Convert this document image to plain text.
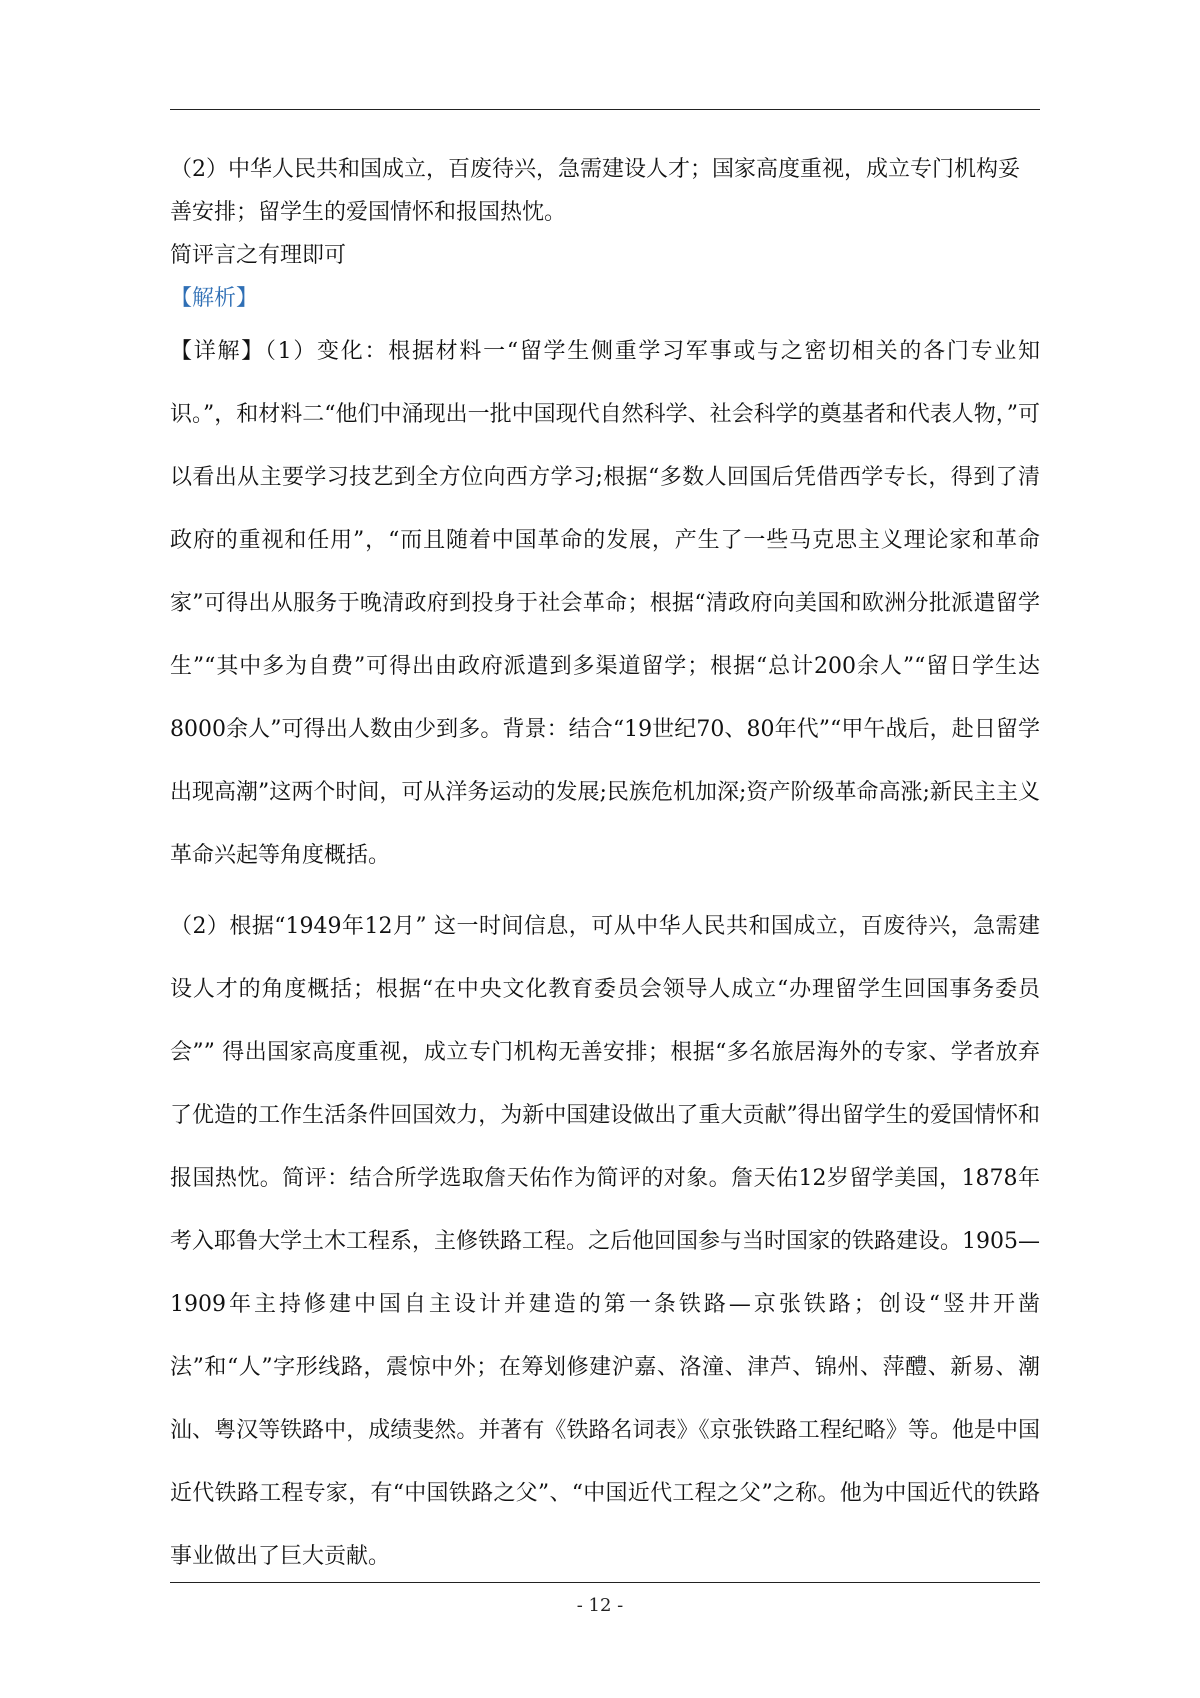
（2）中华人民共和国成立，百废待兴，急需建设人才；国家高度重视，成立专门机构妥善安排；留学生的爱国情怀和报国热忱。

简评言之有理即可

【解析】

【详解】（1）变化：根据材料一“留学生侧重学习军事或与之密切相关的各门专业知识。”，和材料二“他们中涌现出一批中国现代自然科学、社会科学的奠基者和代表人物，”可以看出从主要学习技艺到全方位向西方学习;根据“多数人回国后凭借西学专长，得到了清政府的重视和任用”，“而且随着中国革命的发展，产生了一些马克思主义理论家和革命家”可得出从服务于晚清政府到投身于社会革命；根据“清政府向美国和欧洲分批派遣留学生”“其中多为自费”可得出由政府派遣到多渠道留学；根据“总计200余人”“留日学生达8000余人”可得出人数由少到多。背景：结合“19世纪70、80年代”“甲午战后，赴日留学出现高潮”这两个时间，可从洋务运动的发展;民族危机加深;资产阶级革命高涨;新民主主义革命兴起等角度概括。

（2）根据“1949年12月” 这一时间信息，可从中华人民共和国成立，百废待兴，急需建设人才的角度概括；根据“在中央文化教育委员会领导人成立“办理留学生回国事务委员会”” 得出国家高度重视，成立专门机构无善安排；根据“多名旅居海外的专家、学者放弃了优造的工作生活条件回国效力，为新中国建设做出了重大贡献”得出留学生的爱国情怀和报国热忱。简评：结合所学选取詹天佑作为简评的对象。詹天佑12岁留学美国，1878年考入耶鲁大学土木工程系，主修铁路工程。之后他回国参与当时国家的铁路建设。1905—1909年主持修建中国自主设计并建造的第一条铁路—京张铁路；创设“竖井开凿法”和“人”字形线路，震惊中外；在筹划修建沪嘉、洛潼、津芦、锦州、萍醴、新易、潮汕、粤汉等铁路中，成绩斐然。并著有《铁路名词表》《京张铁路工程纪略》等。他是中国近代铁路工程专家，有“中国铁路之父”、“中国近代工程之父”之称。他为中国近代的铁路事业做出了巨大贡献。

- 12 -
